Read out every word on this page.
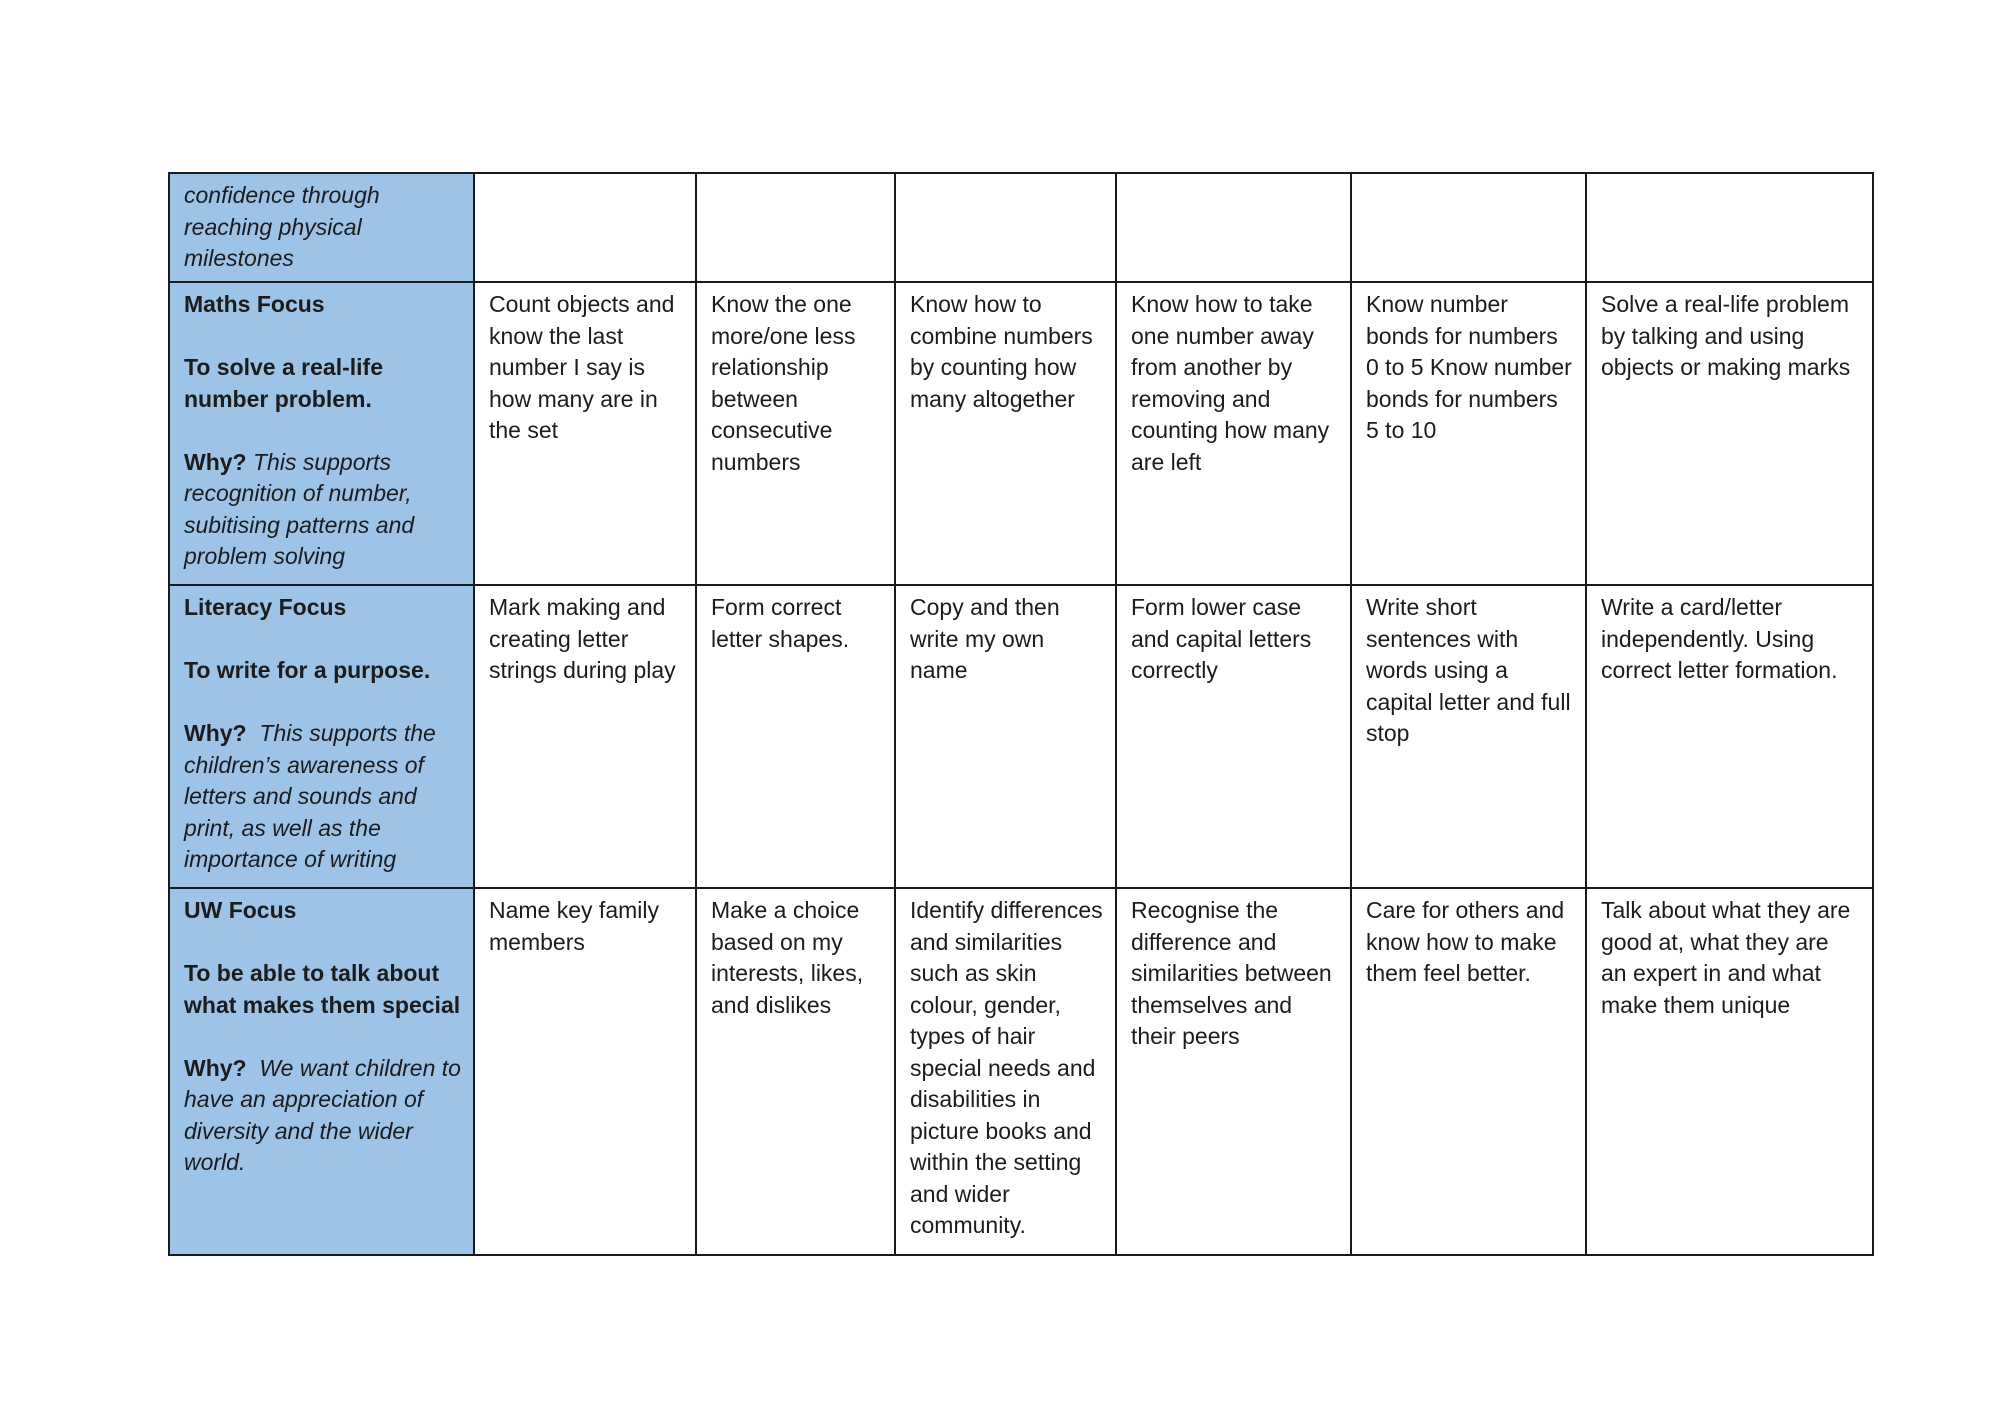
confidence through reaching physical milestones						

Maths Focus

To solve a real-life number problem.

Why? This supports recognition of number, subitising patterns and problem solving	Count objects and know the last number I say is how many are in the set	Know the one more/one less relationship between consecutive numbers	Know how to combine numbers by counting how many altogether	Know how to take one number away from another by removing and counting how many are left	Know number bonds for numbers 0 to 5 Know number bonds for numbers 5 to 10	Solve a real-life problem by talking and using objects or making marks

Literacy Focus

To write for a purpose.

Why?  This supports the children’s awareness of letters and sounds and print, as well as the importance of writing	Mark making and creating letter strings during play	Form correct letter shapes.	Copy and then write my own name	Form lower case and capital letters correctly	Write short sentences with words using a capital letter and full stop	Write a card/letter independently. Using correct letter formation.

UW Focus

To be able to talk about what makes them special

Why?  We want children to have an appreciation of diversity and the wider world.	Name key family members	Make a choice based on my interests, likes, and dislikes	Identify differences and similarities such as skin colour, gender, types of hair special needs and disabilities in picture books and within the setting and wider community.	Recognise the difference and similarities between themselves and their peers	Care for others and know how to make them feel better.	Talk about what they are good at, what they are an expert in and what make them unique
